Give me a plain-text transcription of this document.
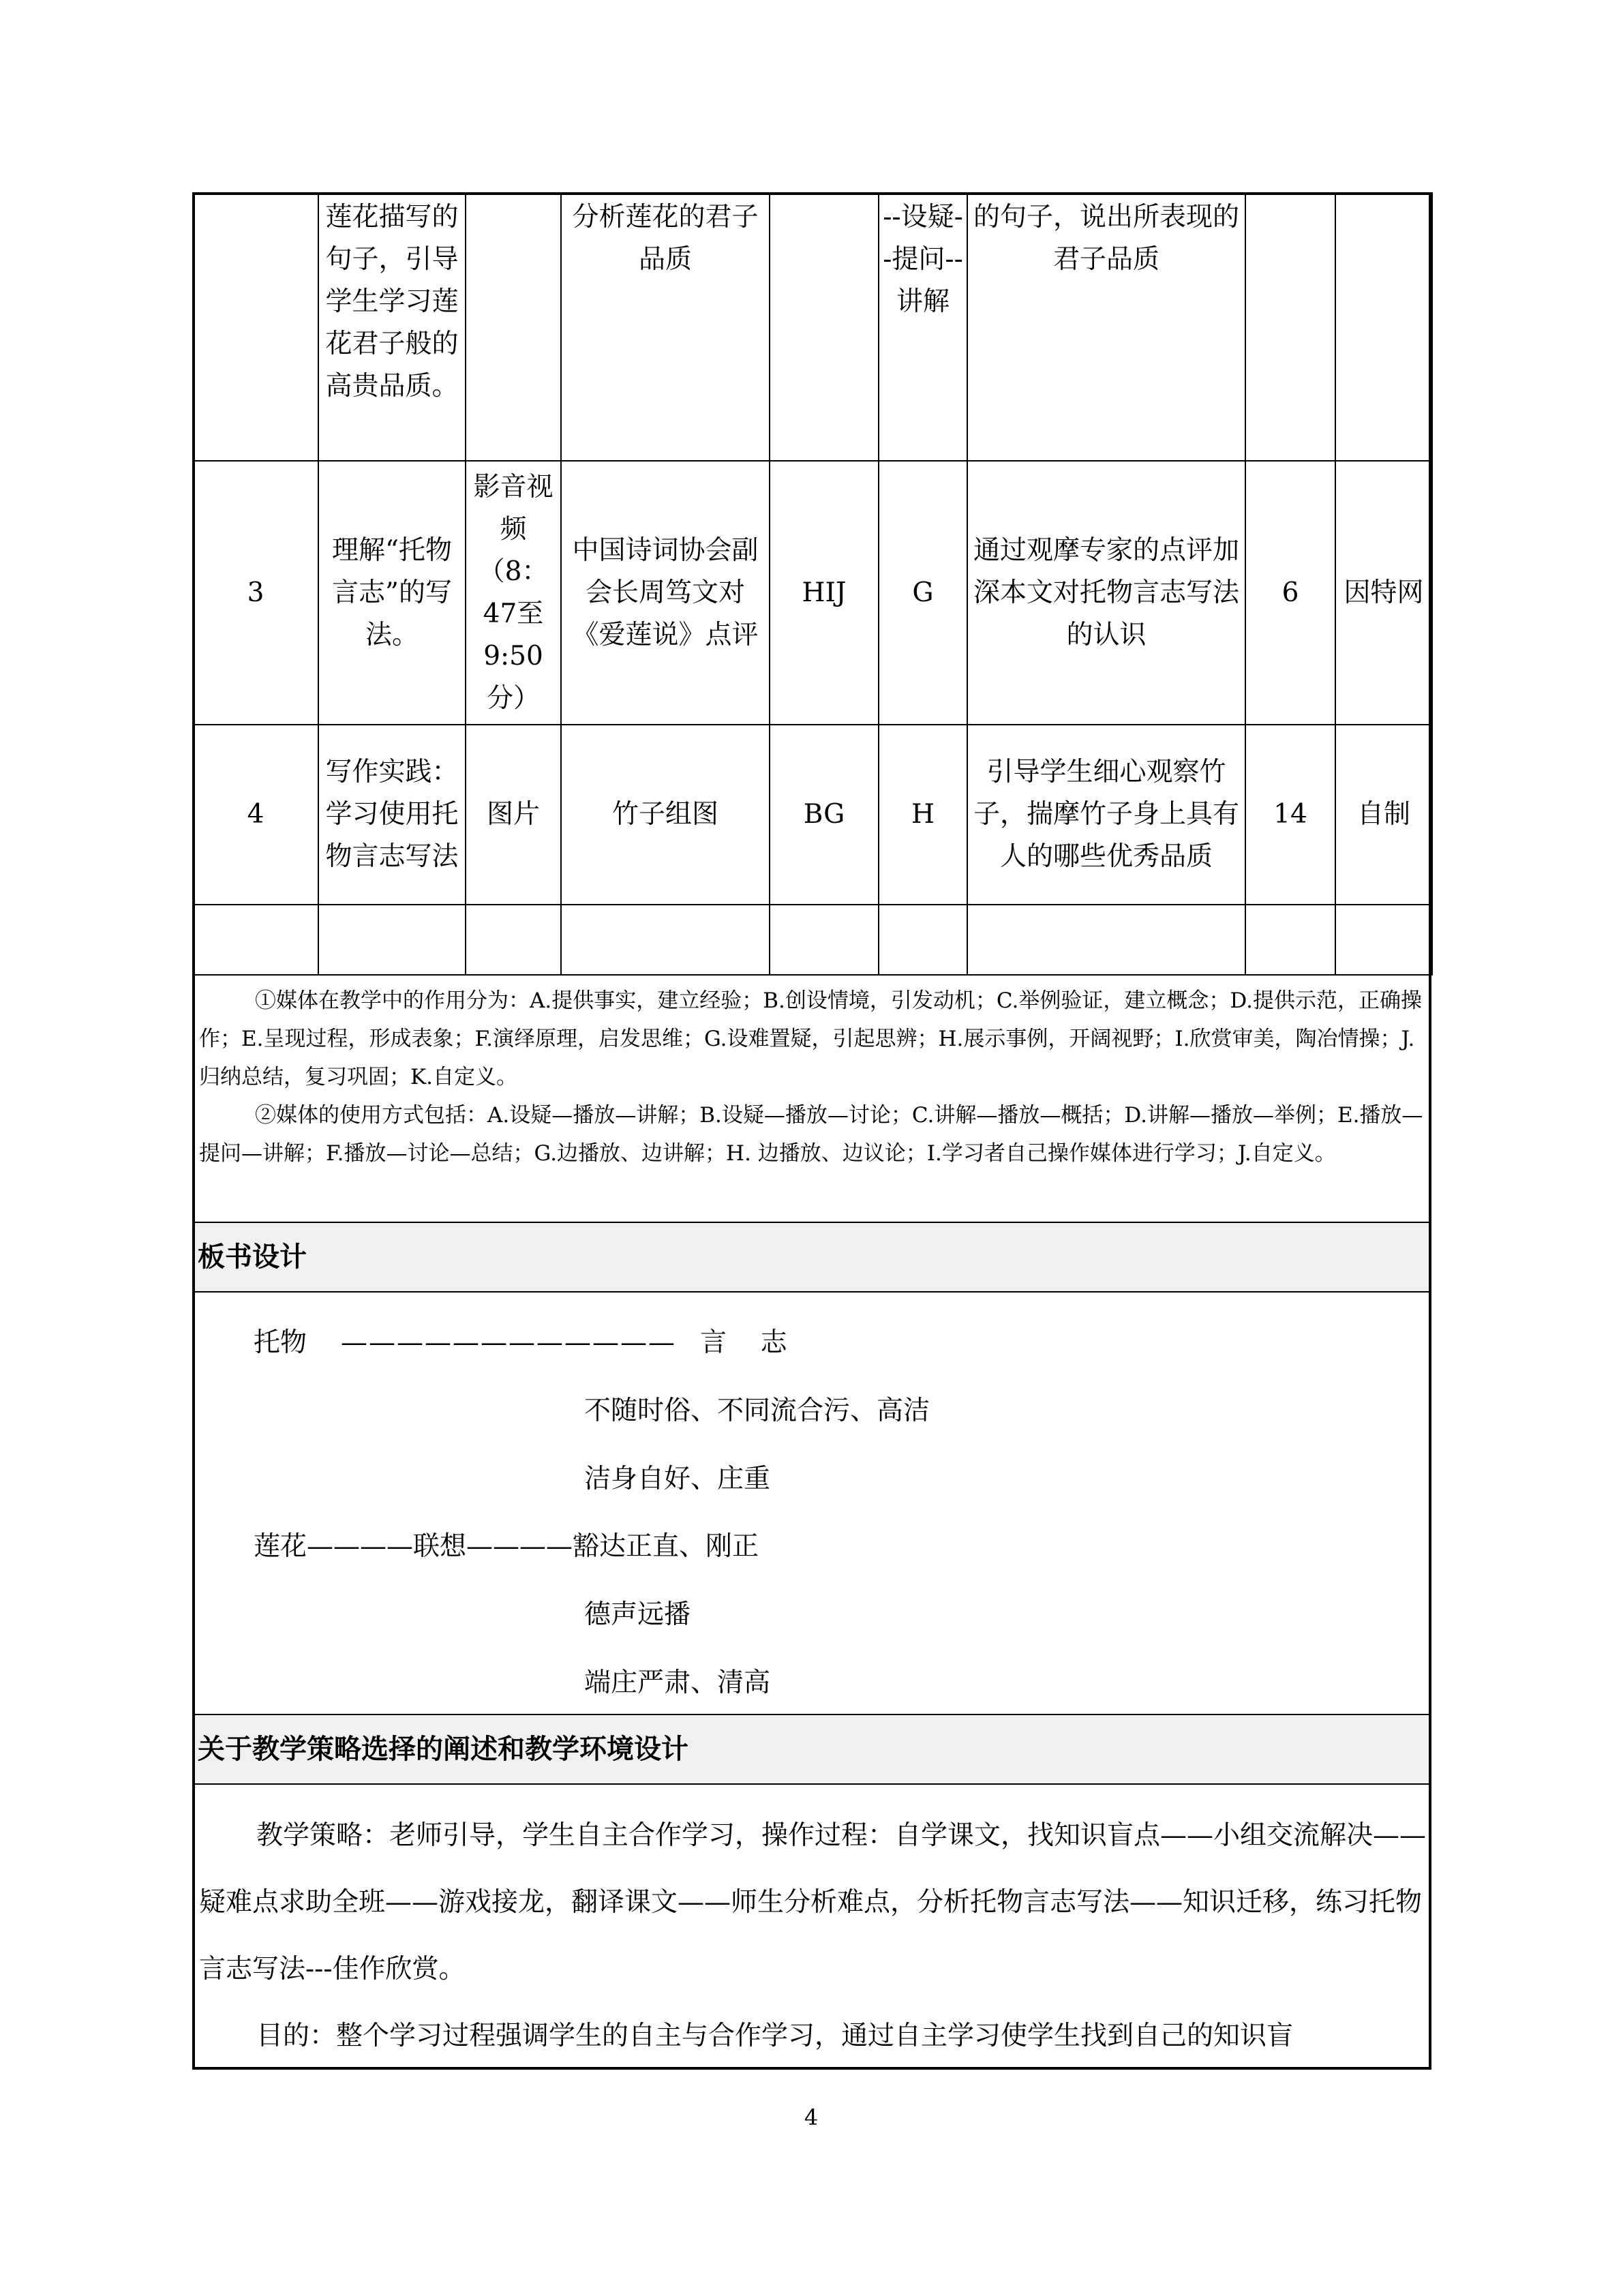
	莲花描写的句子，引导学生学习莲花君子般的高贵品质。		分析莲花的君子品质		--设疑--提问--讲解	的句子，说出所表现的君子品质		
3	理解“托物言志”的写法。	影音视频（8：47至9:50分）	中国诗词协会副会长周笃文对《爱莲说》点评	HIJ	G	通过观摩专家的点评加深本文对托物言志写法的认识	6	因特网
4	写作实践：学习使用托物言志写法	图片	竹子组图	BG	H	引导学生细心观察竹子，揣摩竹子身上具有人的哪些优秀品质	14	自制

①媒体在教学中的作用分为：A.提供事实，建立经验；B.创设情境，引发动机；C.举例验证，建立概念；D.提供示范，正确操作；E.呈现过程，形成表象；F.演绎原理，启发思维；G.设难置疑，引起思辨；H.展示事例，开阔视野；I.欣赏审美，陶冶情操；J.归纳总结，复习巩固；K.自定义。

②媒体的使用方式包括：A.设疑—播放—讲解；B.设疑—播放—讨论；C.讲解—播放—概括；D.讲解—播放—举例；E.播放—提问—讲解；F.播放—讨论—总结；G.边播放、边讲解；H. 边播放、边议论；I.学习者自己操作媒体进行学习；J.自定义。

板书设计
托物 ———————————— 言    志
不随时俗、不同流合污、高洁
洁身自好、庄重
莲花————联想————豁达正直、刚正
德声远播
端庄严肃、清高
关于教学策略选择的阐述和教学环境设计

教学策略：老师引导，学生自主合作学习，操作过程：自学课文，找知识盲点——小组交流解决——疑难点求助全班——游戏接龙，翻译课文——师生分析难点，分析托物言志写法——知识迁移，练习托物言志写法---佳作欣赏。

目的：整个学习过程强调学生的自主与合作学习，通过自主学习使学生找到自己的知识盲

4
